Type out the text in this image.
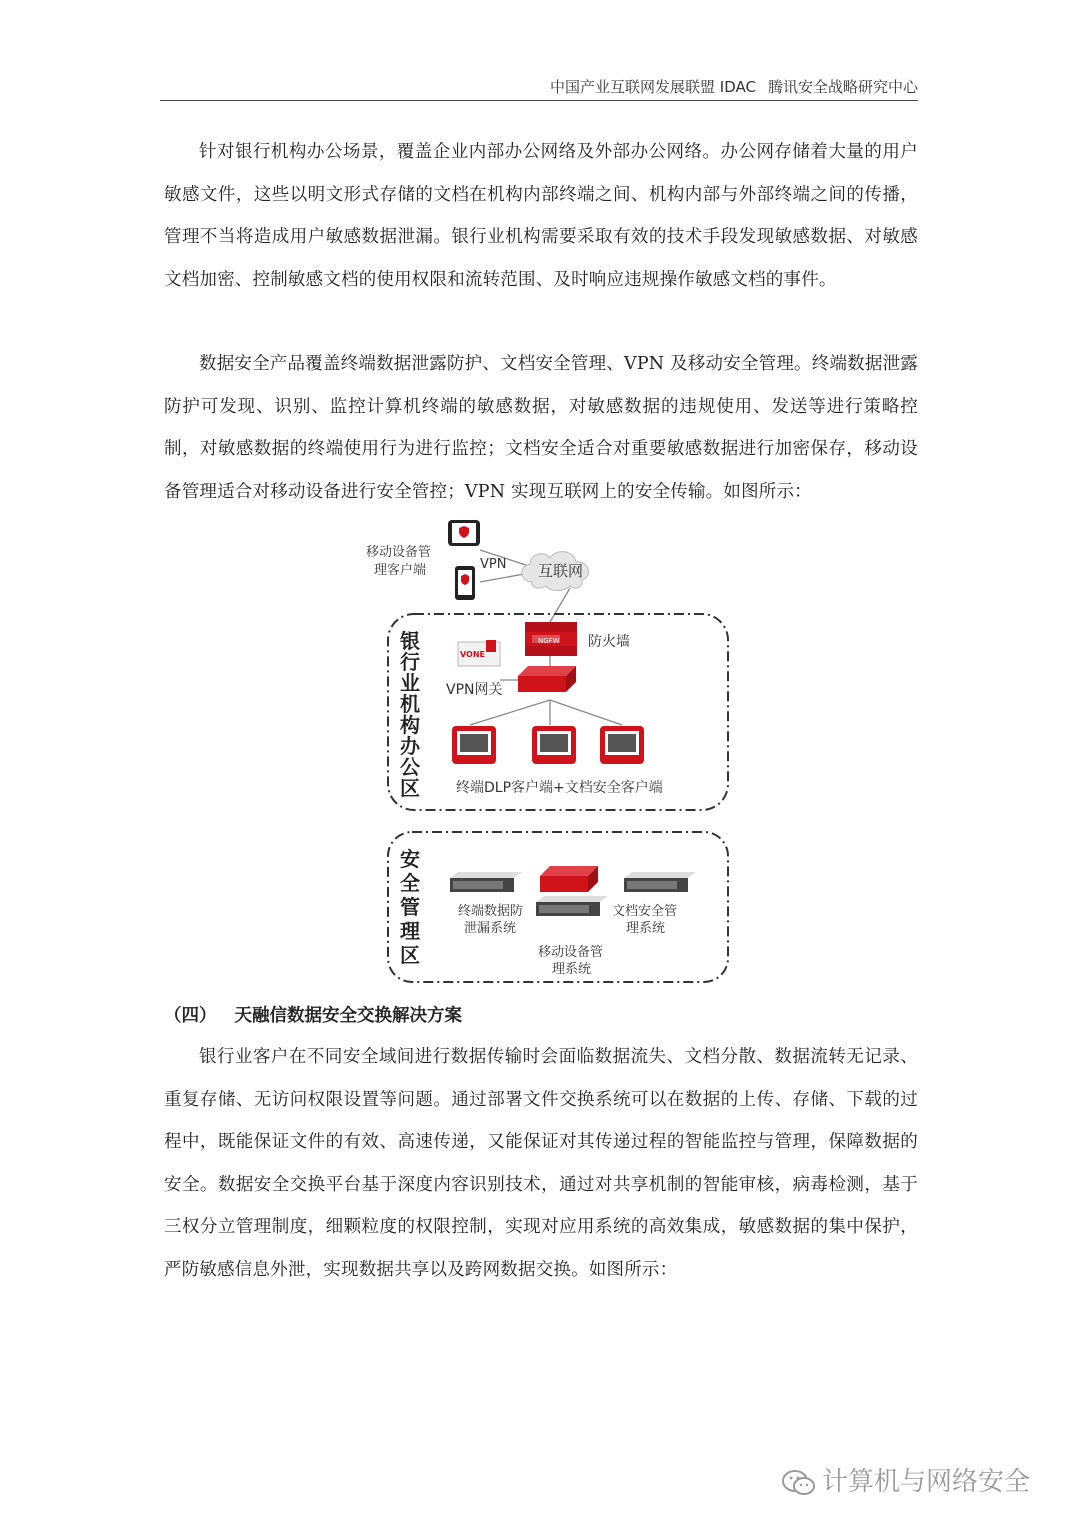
中国产业互联网发展联盟 IDAC 腾讯安全战略研究中心

针对银行机构办公场景，覆盖企业内部办公网络及外部办公网络。办公网存储着大量的用户敏感文件，这些以明文形式存储的文档在机构内部终端之间、机构内部与外部终端之间的传播，管理不当将造成用户敏感数据泄漏。银行业机构需要采取有效的技术手段发现敏感数据、对敏感文档加密、控制敏感文档的使用权限和流转范围、及时响应违规操作敏感文档的事件。

数据安全产品覆盖终端数据泄露防护、文档安全管理、VPN 及移动安全管理。终端数据泄露防护可发现、识别、监控计算机终端的敏感数据，对敏感数据的违规使用、发送等进行策略控制，对敏感数据的终端使用行为进行监控；文档安全适合对重要敏感数据进行加密保存，移动设备管理适合对移动设备进行安全管控；VPN 实现互联网上的安全传输。如图所示：

移动设备管
理客户端	VPN 互联网
NGFW 防火墙
VONE
VPN网关
终端DLP客户端+文档安全客户端
终端数据防
泄漏系统
文档安全管
理系统
移动设备管
理系统
银
行
业
机
构
办
公
区
安
全
管
理
区
（四） 天融信数据安全交换解决方案

银行业客户在不同安全域间进行数据传输时会面临数据流失、文档分散、数据流转无记录、重复存储、无访问权限设置等问题。通过部署文件交换系统可以在数据的上传、存储、下载的过程中，既能保证文件的有效、高速传递，又能保证对其传递过程的智能监控与管理，保障数据的安全。数据安全交换平台基于深度内容识别技术，通过对共享机制的智能审核，病毒检测，基于三权分立管理制度，细颗粒度的权限控制，实现对应用系统的高效集成，敏感数据的集中保护，严防敏感信息外泄，实现数据共享以及跨网数据交换。如图所示：

计算机与网络安全
